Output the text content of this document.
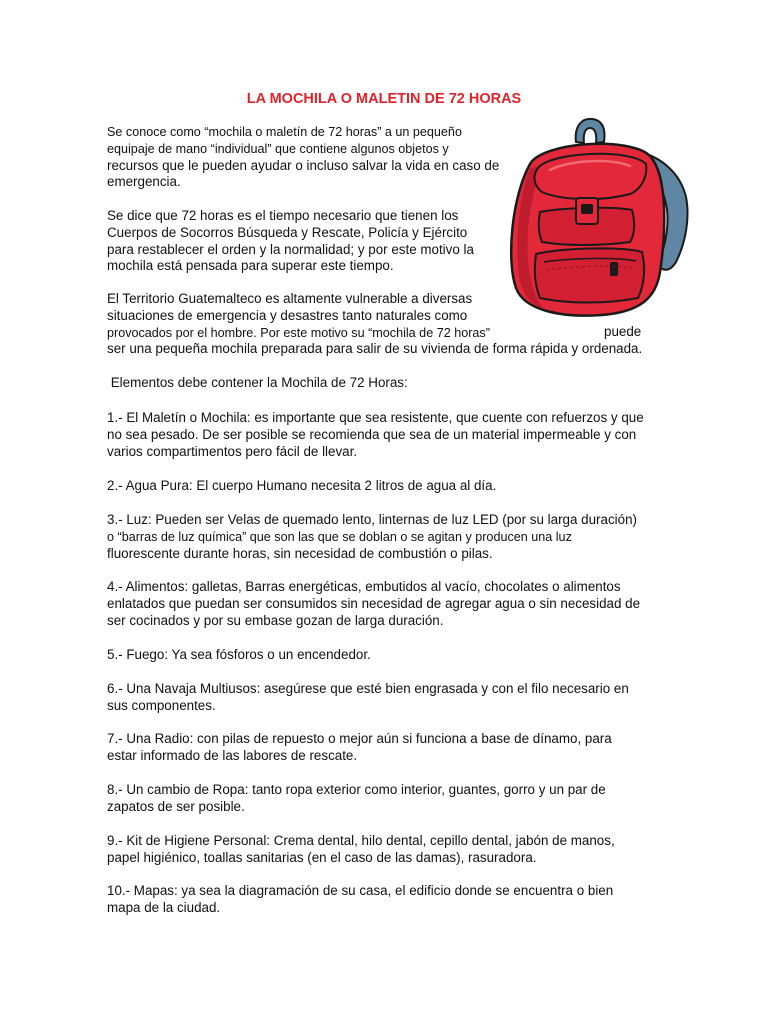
LA MOCHILA O MALETIN DE 72 HORAS

Se conoce como “mochila o maletín de 72 horas” a un pequeño
equipaje de mano “individual” que contiene algunos objetos y
recursos que le pueden ayudar o incluso salvar la vida en caso de
emergencia.

Se dice que 72 horas es el tiempo necesario que tienen los
Cuerpos de Socorros Búsqueda y Rescate, Policía y Ejército
para restablecer el orden y la normalidad; y por este motivo la
mochila está pensada para superar este tiempo.

El Territorio Guatemalteco es altamente vulnerable a diversas
situaciones de emergencia y desastres tanto naturales como
provocados por el hombre. Por este motivo su “mochila de 72 horas”
ser una pequeña mochila preparada para salir de su vivienda de forma rápida y ordenada.

puede

Elementos debe contener la Mochila de 72 Horas:

1.- El Maletín o Mochila: es importante que sea resistente, que cuente con refuerzos y que
no sea pesado. De ser posible se recomienda que sea de un material impermeable y con
varios compartimentos pero fácil de llevar.

2.- Agua Pura: El cuerpo Humano necesita 2 litros de agua al día.

3.- Luz: Pueden ser Velas de quemado lento, linternas de luz LED (por su larga duración)
o “barras de luz química” que son las que se doblan o se agitan y producen una luz
fluorescente durante horas, sin necesidad de combustión o pilas.

4.- Alimentos: galletas, Barras energéticas, embutidos al vacío, chocolates o alimentos
enlatados que puedan ser consumidos sin necesidad de agregar agua o sin necesidad de
ser cocinados y por su embase gozan de larga duración.

5.- Fuego: Ya sea fósforos o un encendedor.

6.- Una Navaja Multiusos: asegúrese que esté bien engrasada y con el filo necesario en
sus componentes.

7.- Una Radio: con pilas de repuesto o mejor aún si funciona a base de dínamo, para
estar informado de las labores de rescate.

8.- Un cambio de Ropa: tanto ropa exterior como interior, guantes, gorro y un par de
zapatos de ser posible.

9.- Kit de Higiene Personal: Crema dental, hilo dental, cepillo dental, jabón de manos,
papel higiénico, toallas sanitarias (en el caso de las damas), rasuradora.

10.- Mapas: ya sea la diagramación de su casa, el edificio donde se encuentra o bien
mapa de la ciudad.
